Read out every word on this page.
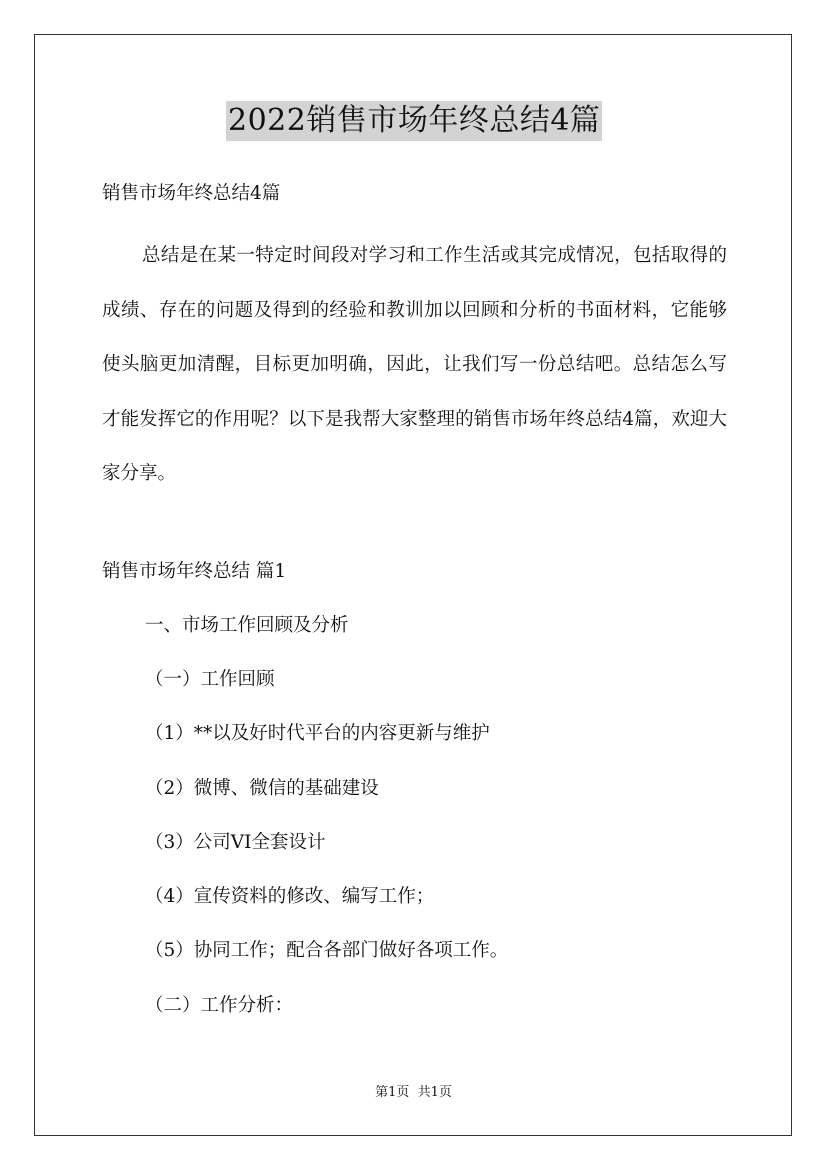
2022销售市场年终总结4篇
销售市场年终总结4篇
总结是在某一特定时间段对学习和工作生活或其完成情况，包括取得的成绩、存在的问题及得到的经验和教训加以回顾和分析的书面材料，它能够使头脑更加清醒，目标更加明确，因此，让我们写一份总结吧。总结怎么写才能发挥它的作用呢？以下是我帮大家整理的销售市场年终总结4篇，欢迎大家分享。
销售市场年终总结 篇1
一、市场工作回顾及分析
（一）工作回顾
（1）**以及好时代平台的内容更新与维护
（2）微博、微信的基础建设
（3）公司VI全套设计
（4）宣传资料的修改、编写工作；
（5）协同工作；配合各部门做好各项工作。
（二）工作分析：
第1页 共1页
